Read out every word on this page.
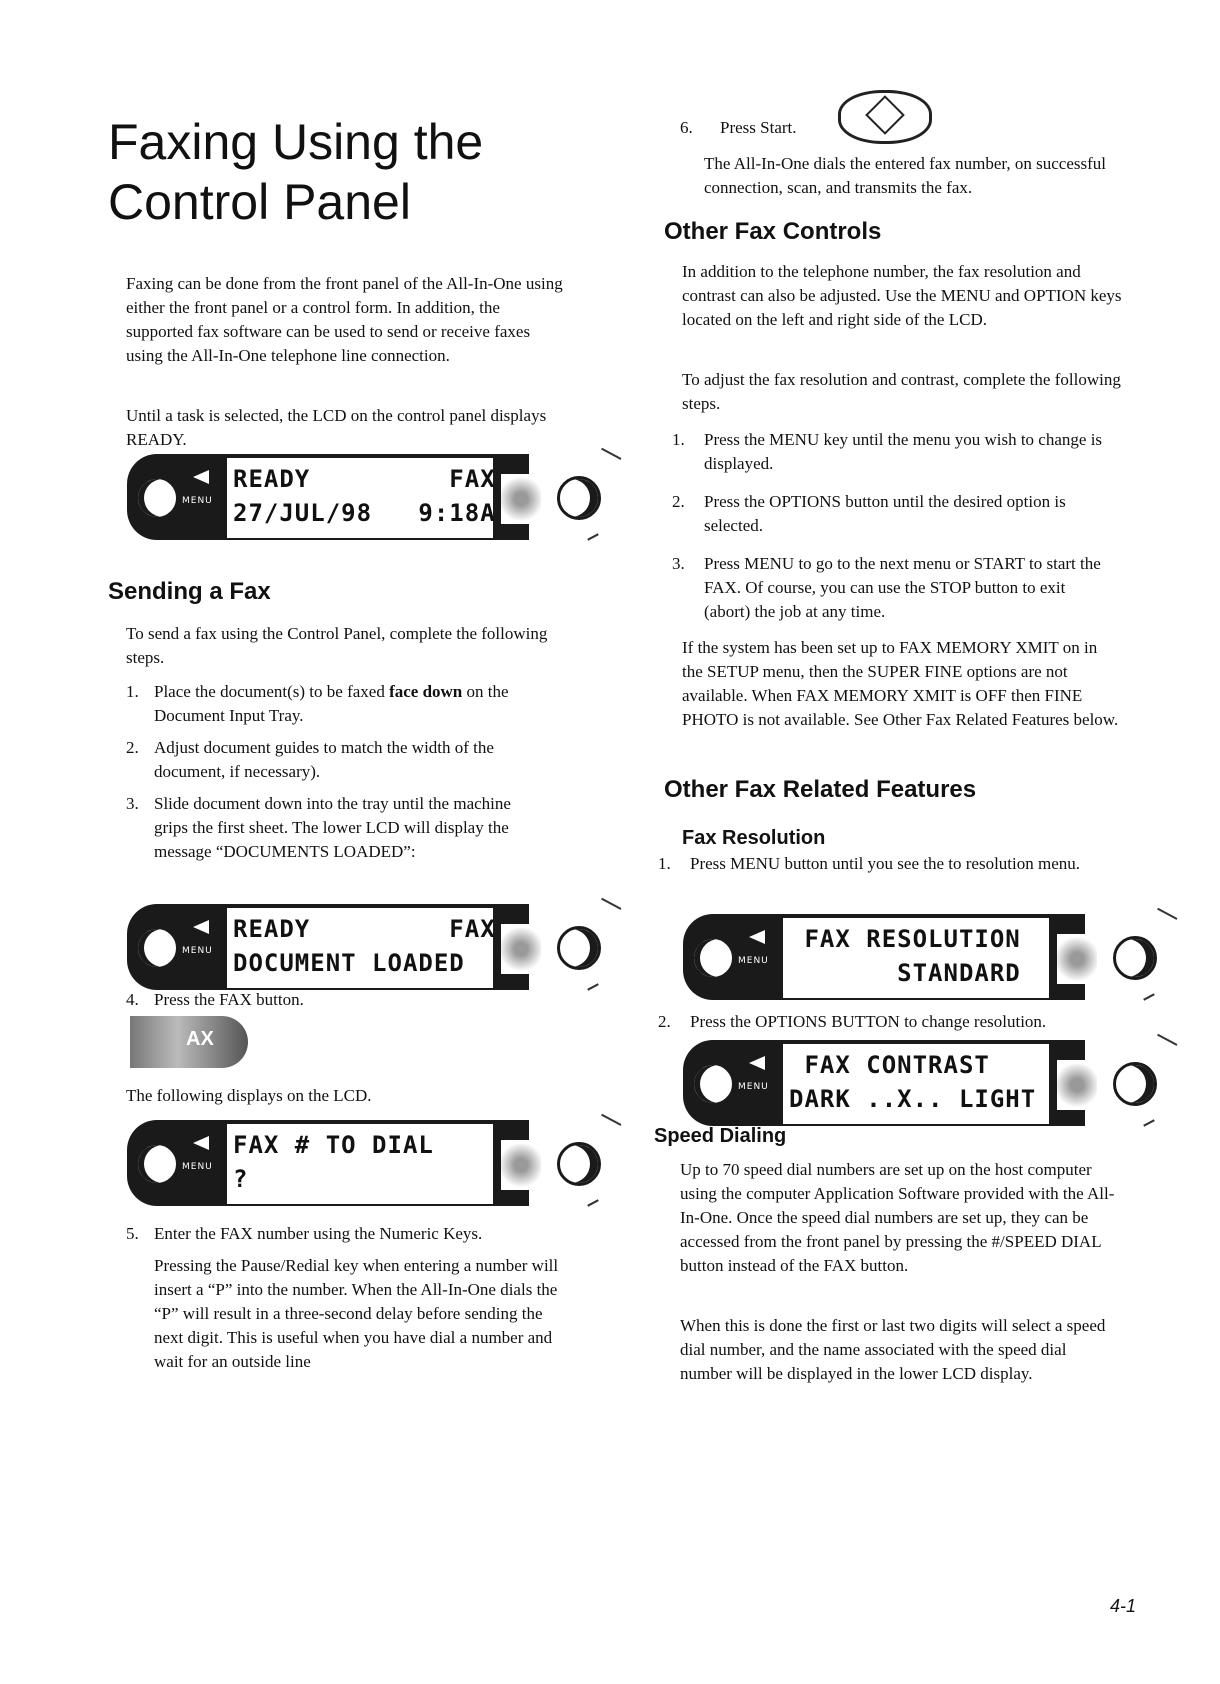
Faxing Using the
Control Panel

Faxing can be done from the front panel of the All-In-One using either the front panel or a control form. In addition, the supported fax software can be used to send or receive faxes using the All-In-One telephone line connection.

Until a task is selected, the LCD on the control panel displays READY.

MENU
READY         FAX
27/JUL/98   9:18A
Sending a Fax

To send a fax using the Control Panel, complete the following steps.

1. Place the document(s) to be faxed face down on the Document Input Tray.

2. Adjust document guides to match the width of the document, if necessary).

3. Slide document down into the tray until the machine grips the first sheet. The lower LCD will display the message “DOCUMENTS LOADED”:

MENU
READY         FAX
DOCUMENT LOADED
4. Press the FAX button.

AX

The following displays on the LCD.

MENU
FAX # TO DIAL
?
5. Enter the FAX number using the Numeric Keys.

Pressing the Pause/Redial key when entering a number will insert a “P” into the number. When the All-In-One dials the “P” will result in a three-second delay before sending the next digit. This is useful when you have dial a number and wait for an outside line

6. Press Start.

The All-In-One dials the entered fax number, on successful connection, scan, and transmits the fax.

Other Fax Controls

In addition to the telephone number, the fax resolution and contrast can also be adjusted. Use the MENU and OPTION keys located on the left and right side of the LCD.

To adjust the fax resolution and contrast, complete the following steps.

1. Press the MENU key until the menu you wish to change is displayed.

2. Press the OPTIONS button until the desired option is selected.

3. Press MENU to go to the next menu or START to start the FAX. Of course, you can use the STOP button to exit (abort) the job at any time.

If the system has been set up to FAX MEMORY XMIT on in the SETUP menu, then the SUPER FINE options are not available. When FAX MEMORY XMIT is OFF then FINE PHOTO is not available. See Other Fax Related Features below.

Other Fax Related Features
Fax Resolution
1. Press MENU button until you see the to resolution menu.

MENU
FAX RESOLUTION
STANDARD
2. Press the OPTIONS BUTTON to change resolution.

MENU
FAX CONTRAST
DARK ..X.. LIGHT
Speed Dialing

Up to 70 speed dial numbers are set up on the host computer using the computer Application Software provided with the All-In-One. Once the speed dial numbers are set up, they can be accessed from the front panel by pressing the #/SPEED DIAL button instead of the FAX button.

When this is done the first or last two digits will select a speed dial number, and the name associated with the speed dial number will be displayed in the lower LCD display.

4-1
